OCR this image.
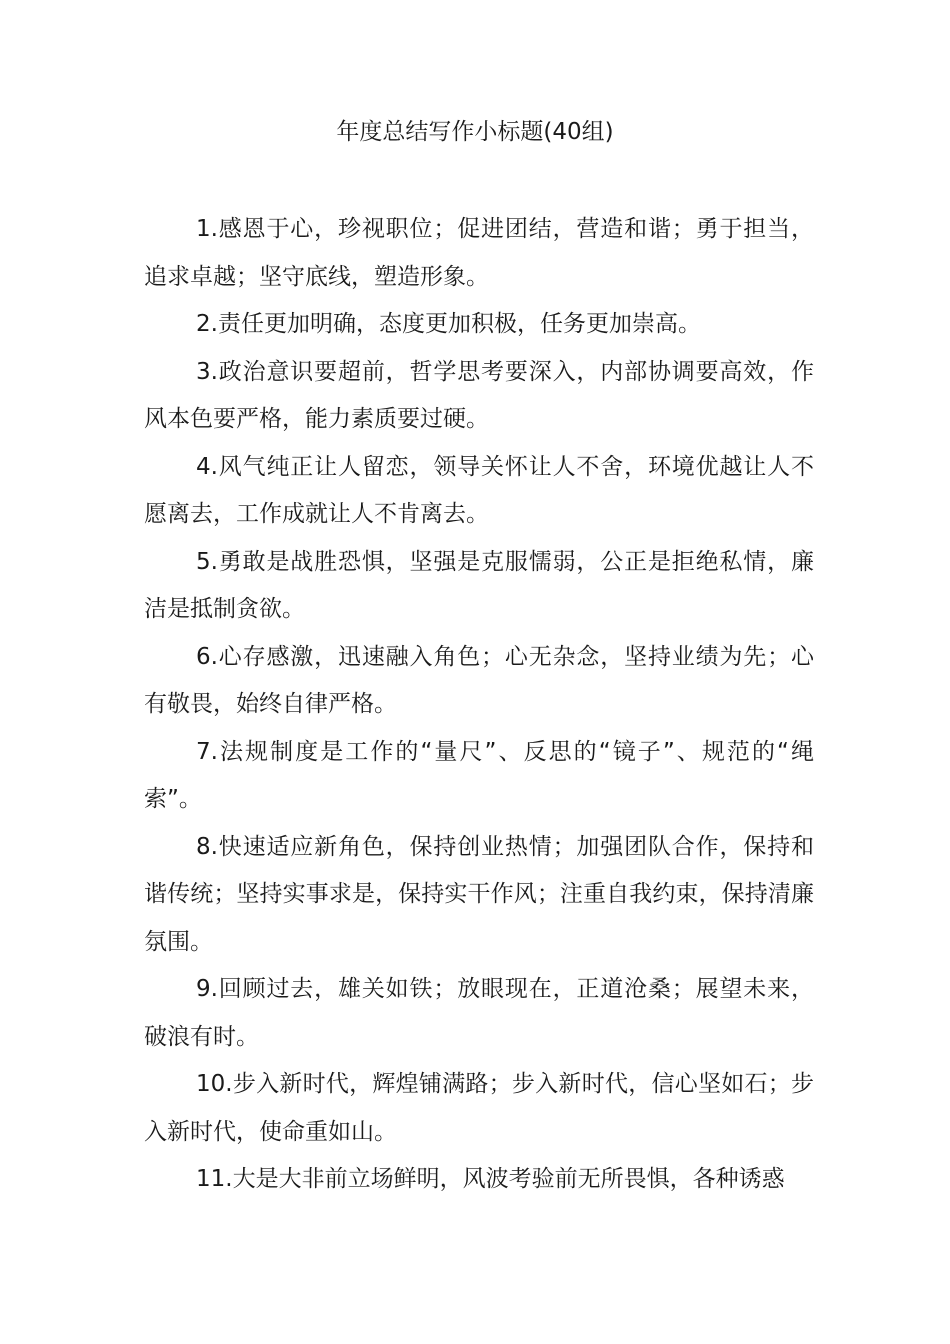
年度总结写作小标题(40组)

1.感恩于心，珍视职位；促进团结，营造和谐；勇于担当，追求卓越；坚守底线，塑造形象。

2.责任更加明确，态度更加积极，任务更加崇高。

3.政治意识要超前，哲学思考要深入，内部协调要高效，作风本色要严格，能力素质要过硬。

4.风气纯正让人留恋，领导关怀让人不舍，环境优越让人不愿离去，工作成就让人不肯离去。

5.勇敢是战胜恐惧，坚强是克服懦弱，公正是拒绝私情，廉洁是抵制贪欲。

6.心存感激，迅速融入角色；心无杂念，坚持业绩为先；心有敬畏，始终自律严格。

7.法规制度是工作的“量尺”、反思的“镜子”、规范的“绳索”。

8.快速适应新角色，保持创业热情；加强团队合作，保持和谐传统；坚持实事求是，保持实干作风；注重自我约束，保持清廉氛围。

9.回顾过去，雄关如铁；放眼现在，正道沧桑；展望未来，破浪有时。

10.步入新时代，辉煌铺满路；步入新时代，信心坚如石；步入新时代，使命重如山。

11.大是大非前立场鲜明，风波考验前无所畏惧，各种诱惑
